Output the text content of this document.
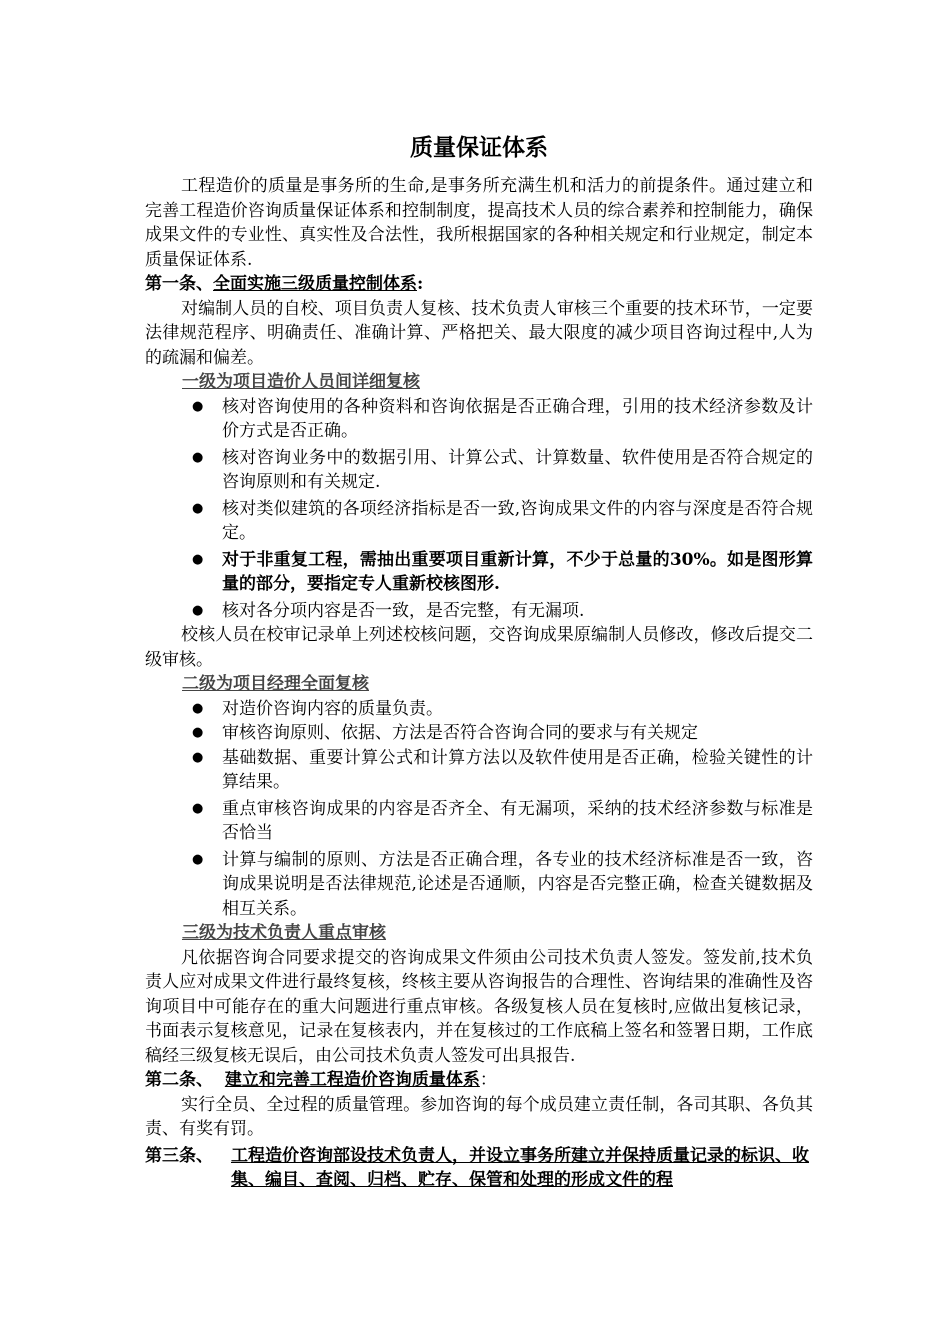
质量保证体系

工程造价的质量是事务所的生命,是事务所充满生机和活力的前提条件。通过建立和完善工程造价咨询质量保证体系和控制制度，提高技术人员的综合素养和控制能力，确保成果文件的专业性、真实性及合法性，我所根据国家的各种相关规定和行业规定，制定本质量保证体系.

第一条、全面实施三级质量控制体系:

对编制人员的自校、项目负责人复核、技术负责人审核三个重要的技术环节，一定要法律规范程序、明确责任、准确计算、严格把关、最大限度的减少项目咨询过程中,人为的疏漏和偏差。

一级为项目造价人员间详细复核

● 核对咨询使用的各种资料和咨询依据是否正确合理，引用的技术经济参数及计价方式是否正确。
● 核对咨询业务中的数据引用、计算公式、计算数量、软件使用是否符合规定的咨询原则和有关规定.
● 核对类似建筑的各项经济指标是否一致,咨询成果文件的内容与深度是否符合规定。
● 对于非重复工程，需抽出重要项目重新计算，不少于总量的30%。如是图形算量的部分，要指定专人重新校核图形.
● 核对各分项内容是否一致，是否完整，有无漏项.

校核人员在校审记录单上列述校核问题，交咨询成果原编制人员修改，修改后提交二级审核。

二级为项目经理全面复核

● 对造价咨询内容的质量负责。
● 审核咨询原则、依据、方法是否符合咨询合同的要求与有关规定
● 基础数据、重要计算公式和计算方法以及软件使用是否正确，检验关键性的计算结果。
● 重点审核咨询成果的内容是否齐全、有无漏项，采纳的技术经济参数与标准是否恰当
● 计算与编制的原则、方法是否正确合理，各专业的技术经济标准是否一致，咨询成果说明是否法律规范,论述是否通顺，内容是否完整正确，检查关键数据及相互关系。

三级为技术负责人重点审核

凡依据咨询合同要求提交的咨询成果文件须由公司技术负责人签发。签发前,技术负责人应对成果文件进行最终复核，终核主要从咨询报告的合理性、咨询结果的准确性及咨询项目中可能存在的重大问题进行重点审核。各级复核人员在复核时,应做出复核记录，书面表示复核意见，记录在复核表内，并在复核过的工作底稿上签名和签署日期，工作底稿经三级复核无误后，由公司技术负责人签发可出具报告.

第二条、 建立和完善工程造价咨询质量体系：

实行全员、全过程的质量管理。参加咨询的每个成员建立责任制，各司其职、各负其责、有奖有罚。

第三条、	工程造价咨询部设技术负责人，并设立事务所建立并保持质量记录的标识、收集、编目、查阅、归档、贮存、保管和处理的形成文件的程
